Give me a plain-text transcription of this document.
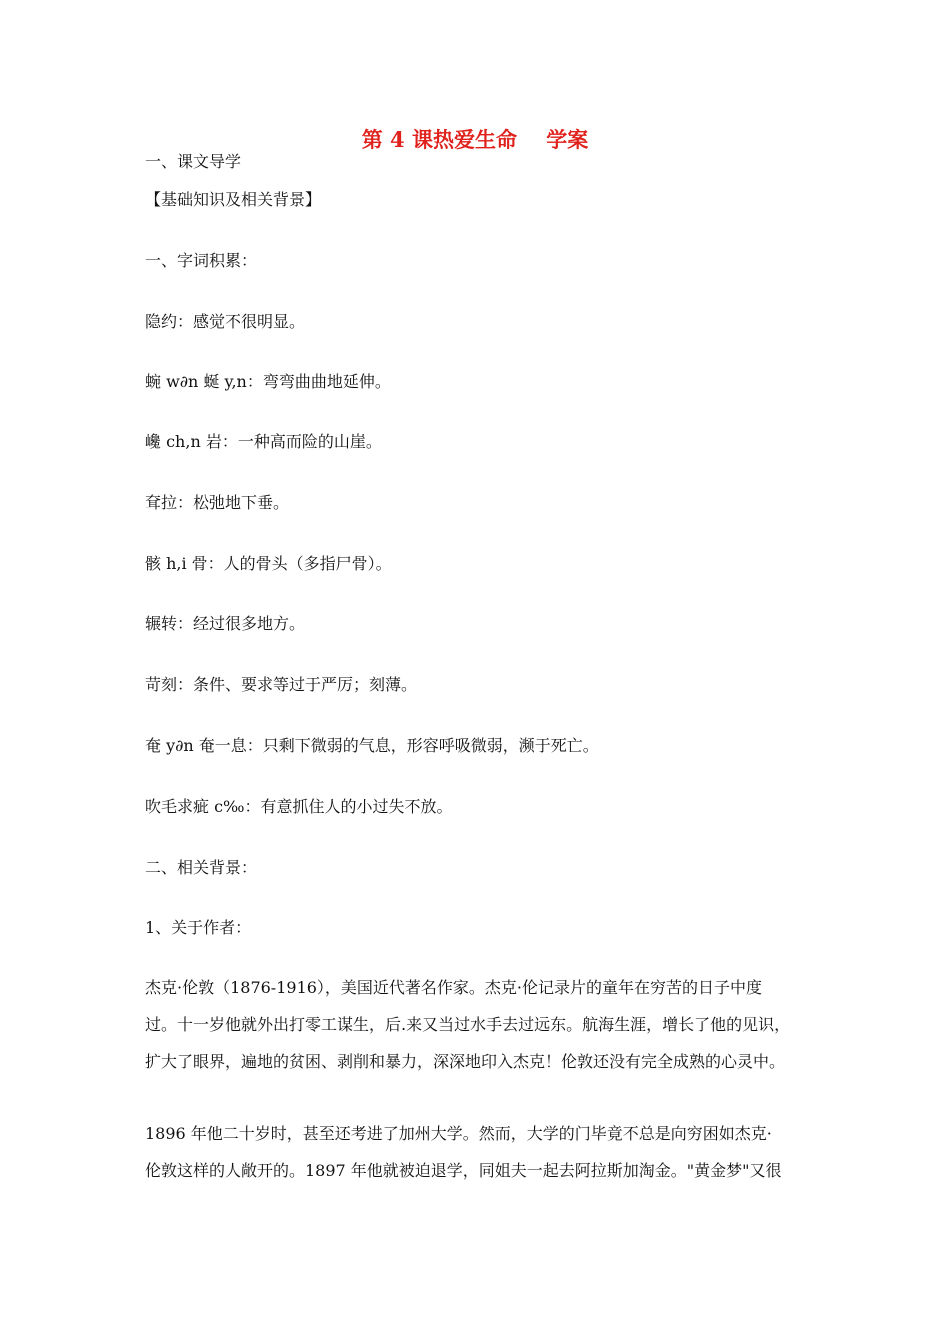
第 4 课热爱生命    学案
一、课文导学
【基础知识及相关背景】
一、字词积累：
隐约：感觉不很明显。
蜿 w∂n 蜒 y,n：弯弯曲曲地延伸。
巉 ch,n 岩：一种高而险的山崖。
耷拉：松弛地下垂。
骸 h,i 骨：人的骨头（多指尸骨）。
辗转：经过很多地方。
苛刻：条件、要求等过于严厉；刻薄。
奄 y∂n 奄一息：只剩下微弱的气息，形容呼吸微弱，濒于死亡。
吹毛求疵 c‰：有意抓住人的小过失不放。
二、相关背景：
1、关于作者：
杰克·伦敦（1876-1916），美国近代著名作家。杰克·伦记录片的童年在穷苦的日子中度
过。十一岁他就外出打零工谋生，后.来又当过水手去过远东。航海生涯，增长了他的见识，
扩大了眼界，遍地的贫困、剥削和暴力，深深地印入杰克！伦敦还没有完全成熟的心灵中。
1896 年他二十岁时，甚至还考进了加州大学。然而，大学的门毕竟不总是向穷困如杰克·
伦敦这样的人敞开的。1897 年他就被迫退学，同姐夫一起去阿拉斯加淘金。"黄金梦"又很
